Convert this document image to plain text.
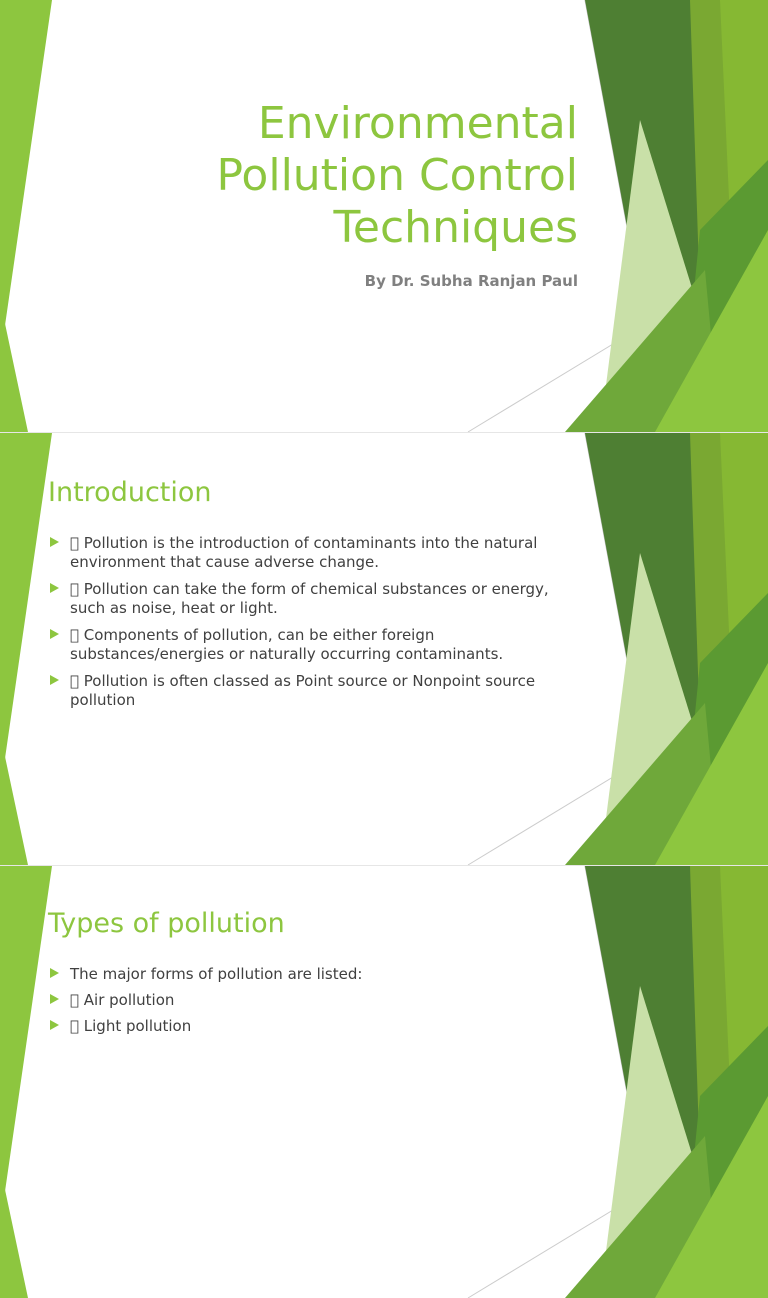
Environmental
Pollution Control
Techniques
By Dr. Subha Ranjan Paul
Introduction
Pollution is the introduction of contaminants into the natural environment that cause adverse change.
Pollution can take the form of chemical substances or energy, such as noise, heat or light.
Components of pollution, can be either foreign substances/energies or naturally occurring contaminants.
Pollution is often classed as Point source or Nonpoint source pollution
Types of pollution
The major forms of pollution are listed:
Air pollution
Light pollution
